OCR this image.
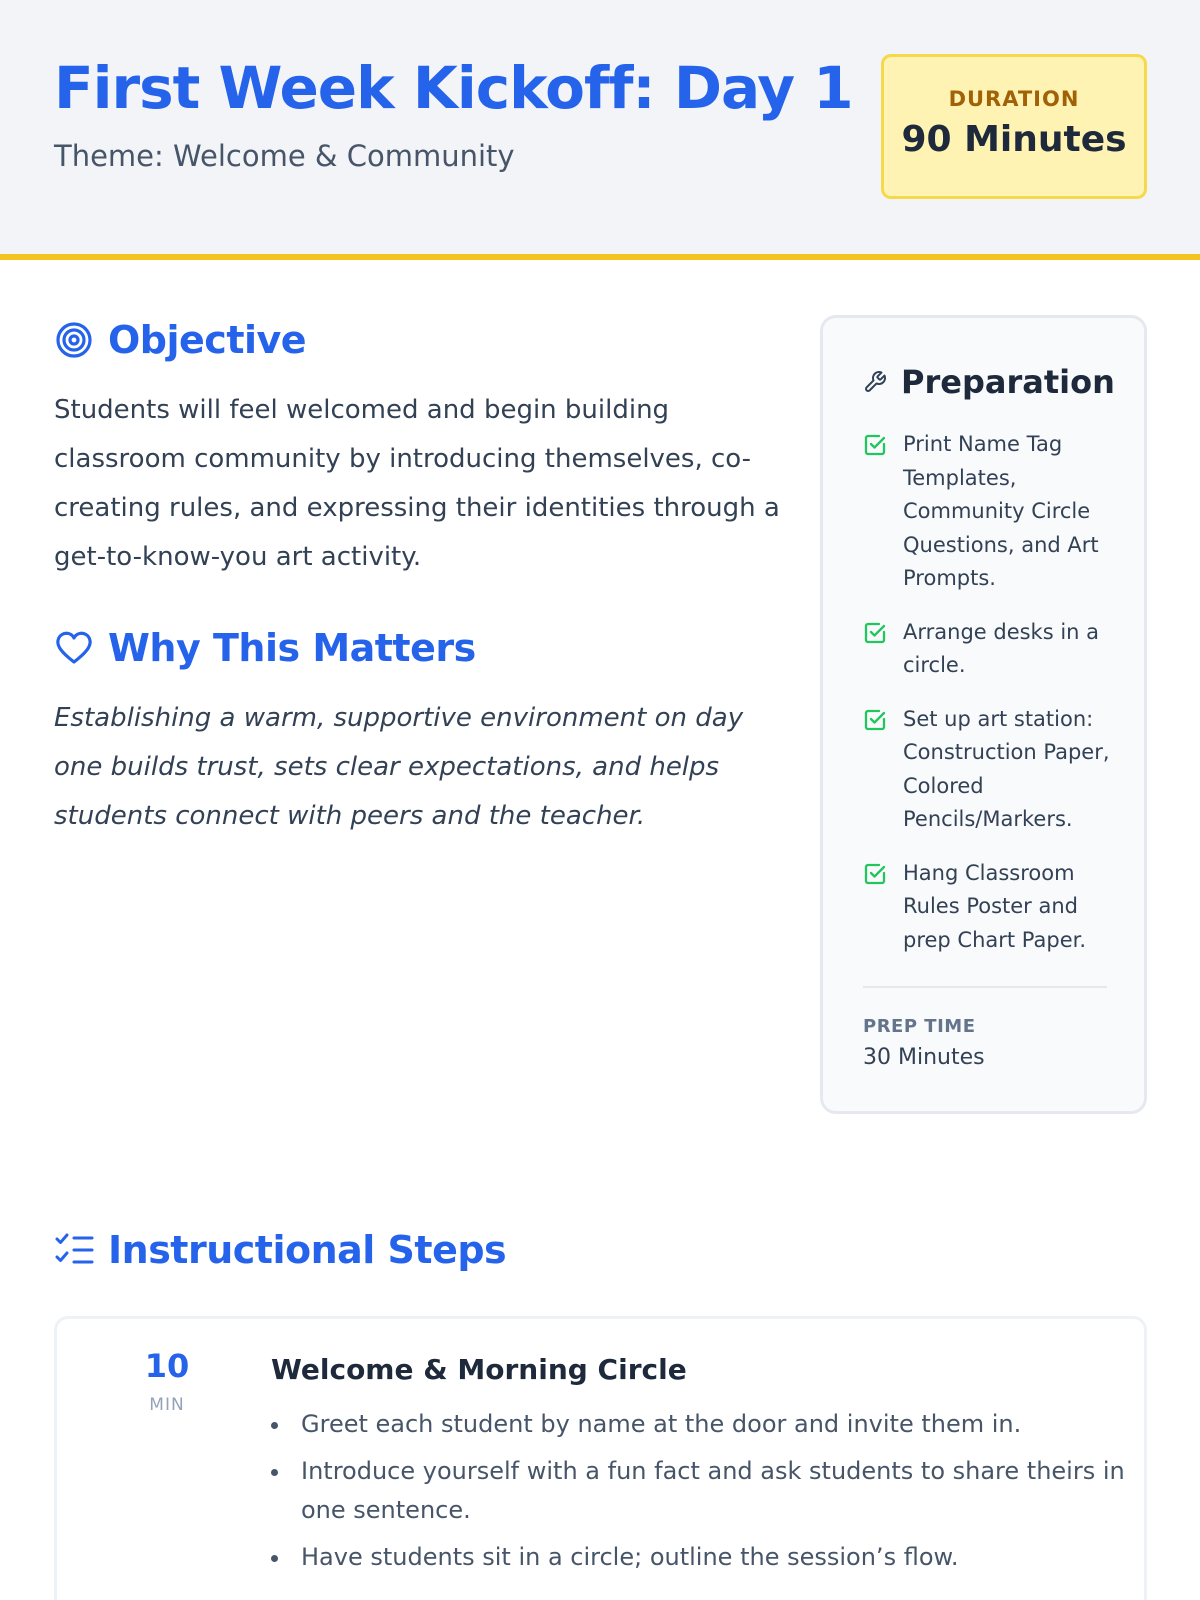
First Week Kickoff: Day 1
Theme: Welcome & Community
DURATION
90 Minutes
Objective

Students will feel welcomed and begin building classroom community by introducing themselves, co-creating rules, and expressing their identities through a get-to-know-you art activity.

Why This Matters

Establishing a warm, supportive environment on day one builds trust, sets clear expectations, and helps students connect with peers and the teacher.

Preparation
Print Name Tag Templates, Community Circle Questions, and Art Prompts.
Arrange desks in a circle.
Set up art station: Construction Paper, Colored Pencils/Markers.
Hang Classroom Rules Poster and prep Chart Paper.
PREP TIME
30 Minutes
Instructional Steps
10
MIN
Welcome & Morning Circle
Greet each student by name at the door and invite them in.
Introduce yourself with a fun fact and ask students to share theirs in one sentence.
Have students sit in a circle; outline the session’s flow.
